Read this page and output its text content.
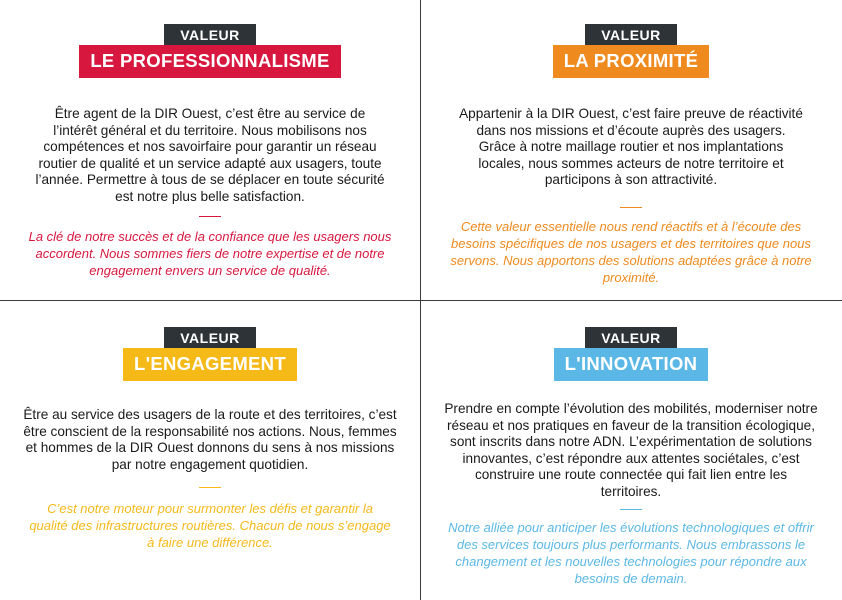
VALEUR
LE PROFESSIONNALISME

Être agent de la DIR Ouest, c’est être au service de l’intérêt général et du territoire. Nous mobilisons nos compétences et nos savoirfaire pour garantir un réseau routier de qualité et un service adapté aux usagers, toute l’année. Permettre à tous de se déplacer en toute sécurité est notre plus belle satisfaction.

La clé de notre succès et de la confiance que les usagers nous accordent. Nous sommes fiers de notre expertise et de notre engagement envers un service de qualité.

VALEUR
LA PROXIMITÉ

Appartenir à la DIR Ouest, c’est faire preuve de réactivité dans nos missions et d’écoute auprès des usagers. Grâce à notre maillage routier et nos implantations locales, nous sommes acteurs de notre territoire et participons à son attractivité.

Cette valeur essentielle nous rend réactifs et à l’écoute des besoins spécifiques de nos usagers et des territoires que nous servons. Nous apportons des solutions adaptées grâce à notre proximité.

VALEUR
L'ENGAGEMENT

Être au service des usagers de la route et des territoires, c’est être conscient de la responsabilité nos actions. Nous, femmes et hommes de la DIR Ouest donnons du sens à nos missions par notre engagement quotidien.

C’est notre moteur pour surmonter les défis et garantir la qualité des infrastructures routières. Chacun de nous s’engage à faire une différence.

VALEUR
L'INNOVATION

Prendre en compte l’évolution des mobilités, moderniser notre réseau et nos pratiques en faveur de la transition écologique, sont inscrits dans notre ADN. L’expérimentation de solutions innovantes, c’est répondre aux attentes sociétales, c’est construire une route connectée qui fait lien entre les territoires.

Notre alliée pour anticiper les évolutions technologiques et offrir des services toujours plus performants. Nous embrassons le changement et les nouvelles technologies pour répondre aux besoins de demain.
